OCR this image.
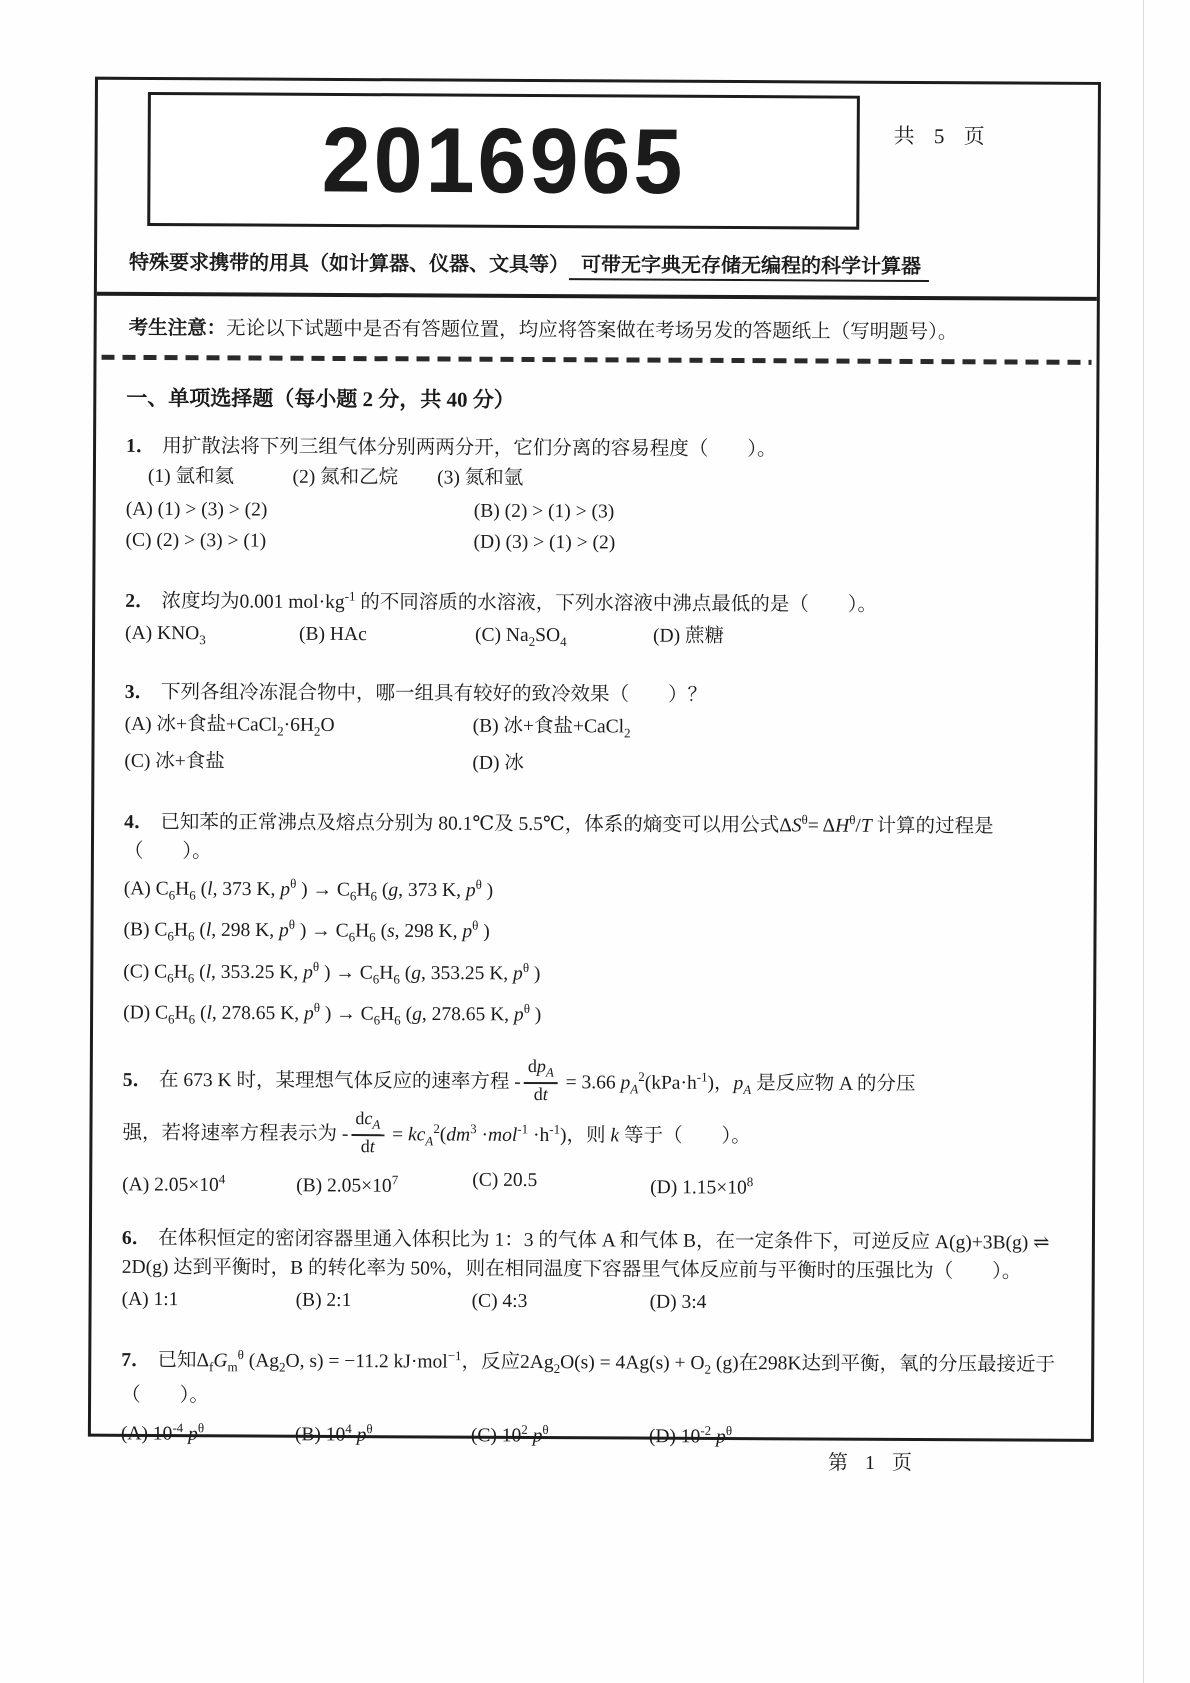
2016965	共 5 页
特殊要求携带的用具（如计算器、仪器、文具等） 可带无字典无存储无编程的科学计算器
考生注意：无论以下试题中是否有答题位置，均应将答案做在考场另发的答题纸上（写明题号）。
一、单项选择题（每小题 2 分，共 40 分）
1． 用扩散法将下列三组气体分别两两分开，它们分离的容易程度（　　）。
(1) 氩和氦　　　(2) 氮和乙烷　　(3) 氮和氩
(A) (1) > (3) > (2)	(B) (2) > (1) > (3)
(C) (2) > (3) > (1)	(D) (3) > (1) > (2)
2． 浓度均为0.001 $mol\cdot kg^{-1}$ 的不同溶质的水溶液，下列水溶液中沸点最低的是（　　）。
(A) $KNO_3$	(B) HAc	(C) $Na_2SO_4$	(D) 蔗糖
3． 下列各组冷冻混合物中，哪一组具有较好的致冷效果（　　）？
(A) 冰+食盐$+CaCl_2\cdot 6H_2O$	(B) 冰+食盐+CaCl$_2$
(C) 冰+食盐	(D) 冰
4． 已知苯的正常沸点及熔点分别为 80.1℃及 5.5℃，体系的熵变可以用公式$\Delta S^\theta= \Delta H^\theta/T$ 计算的过程是（　　）。
(A) $C_6H_6$ (l, 373 K, $p^\theta$ ) → $C_6H_6$ (g, 373 K, $p^\theta$ )
(B) $C_6H_6$ (l, 298 K, $p^\theta$ ) → $C_6H_6$ (s, 298 K, $p^\theta$ )
(C) $C_6H_6$ (l, 353.25 K, $p^\theta$ ) → $C_6H_6$ (g, 353.25 K, $p^\theta$ )
(D) $C_6H_6$ (l, 278.65 K, $p^\theta$ ) → $C_6H_6$ (g, 278.65 K, $p^\theta$ )
5． 在 673 K 时，某理想气体反应的速率方程 - $\frac{dp_A}{dt} = 3.66$ $p_A^2(kPa\cdot h^{-1})$，$p_A$ 是反应物 A 的分压
强，若将速率方程表示为 - $\frac{dc_A}{dt} = kc_A^2(dm^3 \cdot mol^{-1} \cdot h^{-1})$，则 k 等于（　　）。
(A) $2.05\times 10^4$	(B) $2.05\times 10^7$	(C) 20.5	(D) $1.15\times 10^8$
6． 在体积恒定的密闭容器里通入体积比为 1：3 的气体 A 和气体 B，在一定条件下，可逆反应 A(g)+3B(g) ⇌ 2D(g) 达到平衡时，B 的转化率为 50%，则在相同温度下容器里气体反应前与平衡时的压强比为（　　）。
(A) 1:1	(B) 2:1	(C) 4:3	(D) 3:4
7． 已知$\Delta_fG_m^\theta$ ($Ag_2O$, s) = −11.2 kJ·mol$^{-1}$，反应$2Ag_2O(s) = 4Ag(s) + O_2$ (g)在298K达到平衡，氧的分压最接近于（　　）。
(A) $10^{-4}$ $p^\theta$	(B) $10^4$ $p^\theta$	(C) $10^2$ $p^\theta$	(D) $10^{-2}$ $p^\theta$
第 1 页
